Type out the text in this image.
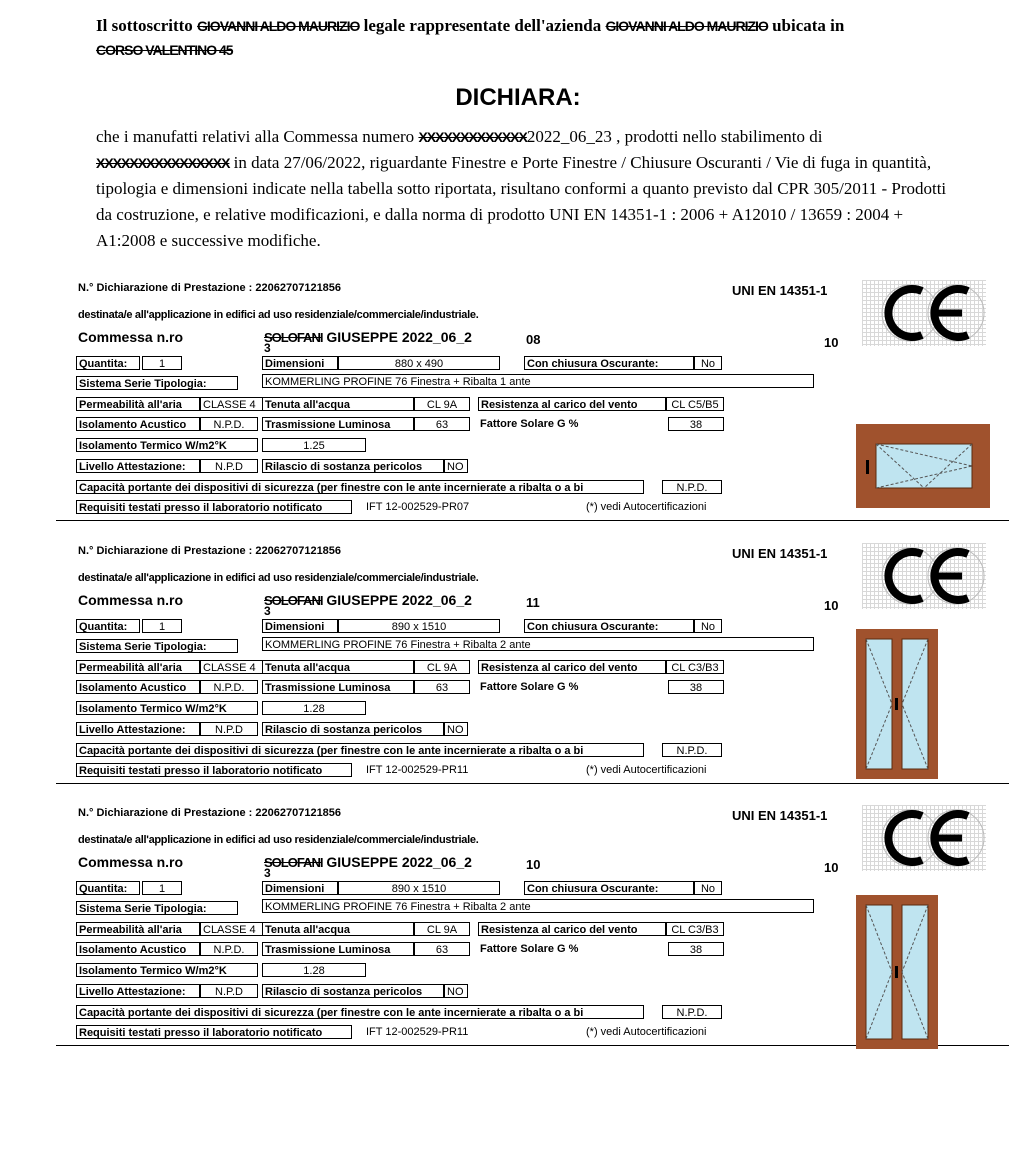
Il sottoscritto GIOVANNI ALDO MAURIZIO legale rappresentate dell'azienda GIOVANNI ALDO MAURIZIO ubicata in
CORSO VALENTINO 45
DICHIARA:
che i manufatti relativi alla Commessa numero XXXXXXXXXXXXX2022_06_23 , prodotti nello stabilimento di XXXXXXXXXXXXXXXX in data 27/06/2022, riguardante Finestre e Porte Finestre / Chiusure Oscuranti / Vie di fuga in quantità, tipologia e dimensioni indicate nella tabella sotto riportata, risultano conformi a quanto previsto dal CPR 305/2011 - Prodotti da costruzione, e relative modificazioni, e dalla norma di prodotto UNI EN 14351-1 : 2006 + A12010 / 13659 : 2004 + A1:2008 e successive modifiche.
N.° Dichiarazione di Prestazione : 22062707121856	UNI EN 14351-1
destinata/e all'applicazione in edifici ad uso residenziale/commerciale/industriale.
Commessa n.ro	SOLOFANI GIUSEPPE 2022_06_2
3
08	10
Quantita:	1	Dimensioni	880 x 490	Con chiusura Oscurante:	No
Sistema Serie Tipologia:	KOMMERLING PROFINE 76 Finestra + Ribalta 1 ante
Permeabilità all'aria	CLASSE 4 Tenuta all'acqua	CL 9A	Resistenza al carico del vento	CL C5/B5
Isolamento Acustico	N.P.D.	Trasmissione Luminosa	63	Fattore Solare G %	38
Isolamento Termico W/m2°K	1.25
Livello Attestazione:	N.P.D	Rilascio di sostanza pericolos	NO
Capacità portante dei dispositivi di sicurezza (per finestre con le ante incernierate a ribalta o a bi	N.P.D.
Requisiti testati presso il laboratorio notificato	IFT 12-002529-PR07	(*) vedi Autocertificazioni
N.° Dichiarazione di Prestazione : 22062707121856	UNI EN 14351-1
destinata/e all'applicazione in edifici ad uso residenziale/commerciale/industriale.
Commessa n.ro	SOLOFANI GIUSEPPE 2022_06_2
3
11	10
Quantita:	1	Dimensioni	890 x 1510	Con chiusura Oscurante:	No
Sistema Serie Tipologia:	KOMMERLING PROFINE 76 Finestra + Ribalta 2 ante
Permeabilità all'aria	CLASSE 4 Tenuta all'acqua	CL 9A	Resistenza al carico del vento	CL C3/B3
Isolamento Acustico	N.P.D.	Trasmissione Luminosa	63	Fattore Solare G %	38
Isolamento Termico W/m2°K	1.28
Livello Attestazione:	N.P.D	Rilascio di sostanza pericolos	NO
Capacità portante dei dispositivi di sicurezza (per finestre con le ante incernierate a ribalta o a bi	N.P.D.
Requisiti testati presso il laboratorio notificato	IFT 12-002529-PR11	(*) vedi Autocertificazioni
N.° Dichiarazione di Prestazione : 22062707121856	UNI EN 14351-1
destinata/e all'applicazione in edifici ad uso residenziale/commerciale/industriale.
Commessa n.ro	SOLOFANI GIUSEPPE 2022_06_2
3
10	10
Quantita:	1	Dimensioni	890 x 1510	Con chiusura Oscurante:	No
Sistema Serie Tipologia:	KOMMERLING PROFINE 76 Finestra + Ribalta 2 ante
Permeabilità all'aria	CLASSE 4 Tenuta all'acqua	CL 9A	Resistenza al carico del vento	CL C3/B3
Isolamento Acustico	N.P.D.	Trasmissione Luminosa	63	Fattore Solare G %	38
Isolamento Termico W/m2°K	1.28
Livello Attestazione:	N.P.D	Rilascio di sostanza pericolos	NO
Capacità portante dei dispositivi di sicurezza (per finestre con le ante incernierate a ribalta o a bi	N.P.D.
Requisiti testati presso il laboratorio notificato	IFT 12-002529-PR11	(*) vedi Autocertificazioni
